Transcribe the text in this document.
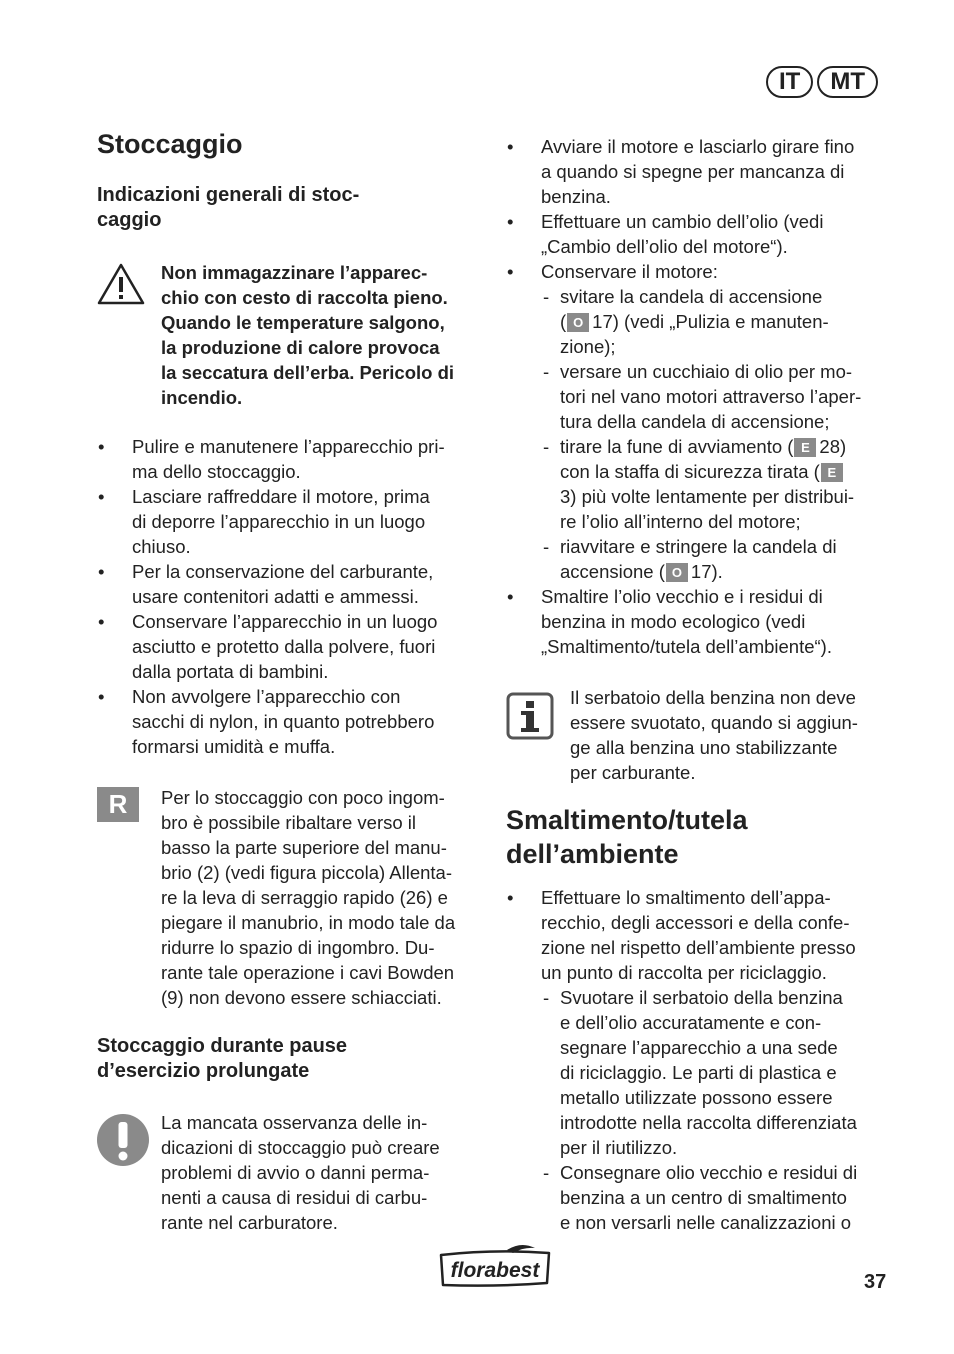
IT	MT
Stoccaggio
Indicazioni generali di stoc-
caggio

Non immagazzinare l’apparec-
chio con cesto di raccolta pieno.
Quando le temperature salgono,
la produzione di calore provoca
la seccatura dell’erba. Pericolo di
incendio.

• Pulire e manutenere l’apparecchio pri-
ma dello stoccaggio.
• Lasciare raffreddare il motore, prima
di deporre l’apparecchio in un luogo
chiuso.
• Per la conservazione del carburante,
usare contenitori adatti e ammessi.
• Conservare l’apparecchio in un luogo
asciutto e protetto dalla polvere, fuori
dalla portata di bambini.
• Non avvolgere l’apparecchio con
sacchi di nylon, in quanto potrebbero
formarsi umidità e muffa.
R	Per lo stoccaggio con poco ingom-
bro è possibile ribaltare verso il
basso la parte superiore del manu-
brio (2) (vedi figura piccola) Allenta-
re la leva di serraggio rapido (26) e
piegare il manubrio, in modo tale da
ridurre lo spazio di ingombro. Du-
rante tale operazione i cavi Bowden
(9) non devono essere schiacciati.

Stoccaggio durante pause
d’esercizio prolungate

La mancata osservanza delle in-
dicazioni di stoccaggio può creare
problemi di avvio o danni perma-
nenti a causa di residui di carbu-
rante nel carburatore.

• Avviare il motore e lasciarlo girare fino
a quando si spegne per mancanza di
benzina.
• Effettuare un cambio dell’olio (vedi
„Cambio dell’olio del motore“).
• Conservare il motore:
- svitare la candela di accensione
( O 17) (vedi „Pulizia e manuten-
zione);
- versare un cucchiaio di olio per mo-
tori nel vano motori attraverso l’aper-
tura della candela di accensione;
- tirare la fune di avviamento ( E 28)
con la staffa di sicurezza tirata ( E
3) più volte lentamente per distribui-
re l’olio all’interno del motore;
- riavvitare e stringere la candela di
accensione ( O 17).
• Smaltire l’olio vecchio e i residui di
benzina in modo ecologico (vedi
„Smaltimento/tutela dell’ambiente“).

Il serbatoio della benzina non deve
essere svuotato, quando si aggiun-
ge alla benzina uno stabilizzante
per carburante.

Smaltimento/tutela
dell’ambiente
• Effettuare lo smaltimento dell’appa-
recchio, degli accessori e della confe-
zione nel rispetto dell’ambiente presso
un punto di raccolta per riciclaggio.
- Svuotare il serbatoio della benzina
e dell’olio accuratamente e con-
segnare l’apparecchio a una sede
di riciclaggio. Le parti di plastica e
metallo utilizzate possono essere
introdotte nella raccolta differenziata
per il riutilizzo.
- Consegnare olio vecchio e residui di
benzina a un centro di smaltimento
e non versarli nelle canalizzazioni o
florabest	37
